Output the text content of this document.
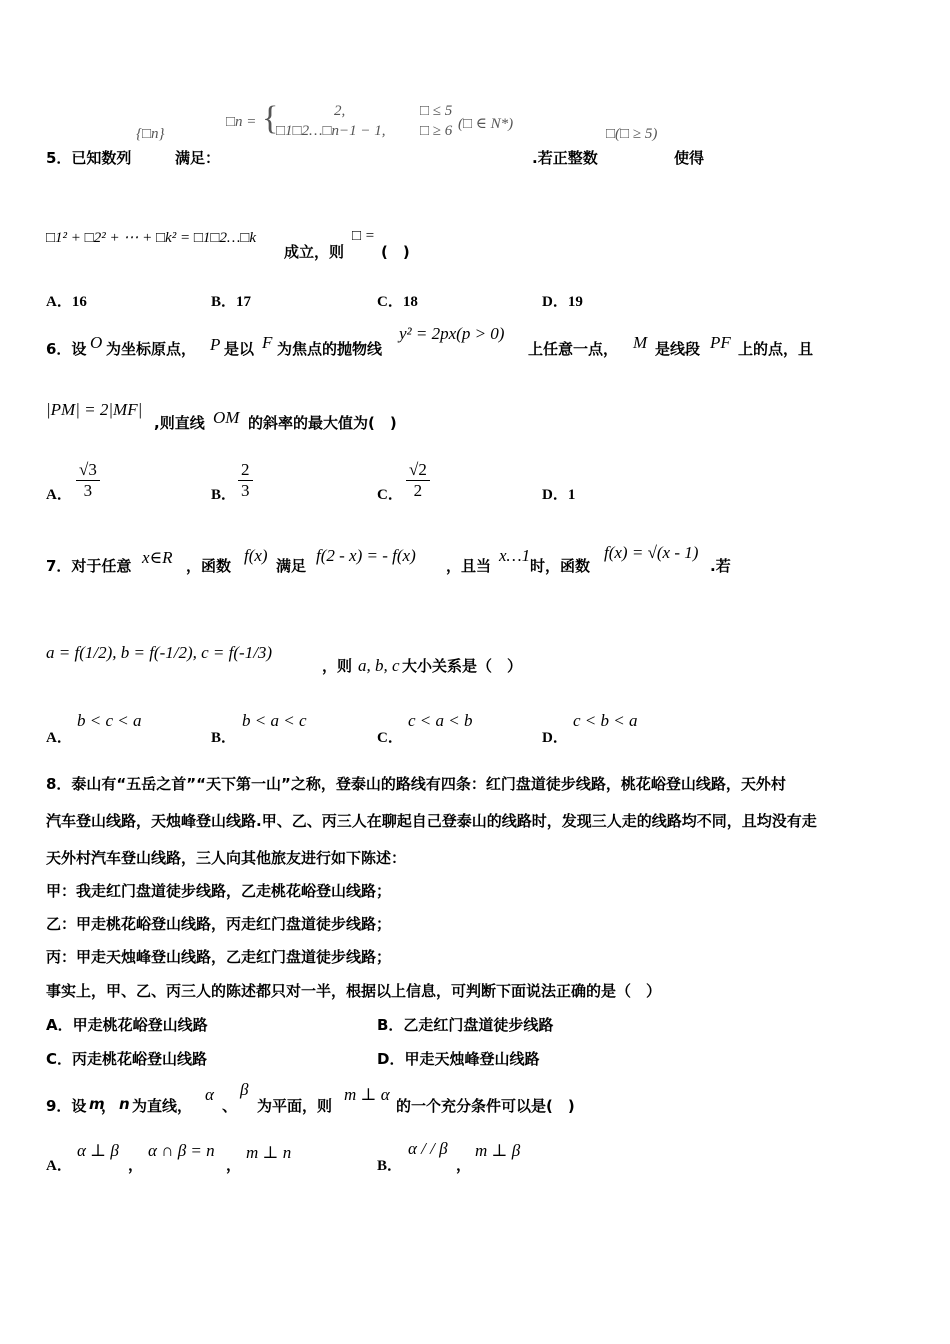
{□n}
□n = {	2,	□ ≤ 5
□1□2…□n−1 − 1, □ ≥ 6 (□ ∈ N*)
□(□ ≥ 5)
5．已知数列	满足：	.若正整数	使得
□1² + □2² + ⋯ + □k² = □1□2…□k
成立，则
□ =
(　)
A．16	B．17	C．18	D．19
6．设 O 为坐标原点， P 是以 F 为焦点的抛物线
y² = 2px(p > 0)
上任意一点， M 是线段 PF 上的点，且
|PM| = 2|MF|
,则直线 OM 的斜率的最大值为(　)
A． $\frac{√3}{3}$	B． $\frac{2}{3}$	C． $\frac{√2}{2}$	D．1
7．对于任意 x∈R ，函数
f(x)
满足
f(2 - x) = - f(x)
，且当
x…1
时，函数
f(x) = √(x - 1)
.若
a = f(1/2), b = f(-1/2), c = f(-1/3)
，则 a, b, c 大小关系是（　）
A．
b < c < a
B．
b < a < c
C．
c < a < b
D．
c < b < a
8．泰山有“五岳之首”“天下第一山”之称，登泰山的路线有四条：红门盘道徒步线路，桃花峪登山线路，天外村
汽车登山线路，天烛峰登山线路.甲、乙、丙三人在聊起自己登泰山的线路时，发现三人走的线路均不同，且均没有走
天外村汽车登山线路，三人向其他旅友进行如下陈述：
甲：我走红门盘道徒步线路，乙走桃花峪登山线路；
乙：甲走桃花峪登山线路，丙走红门盘道徒步线路；
丙：甲走天烛峰登山线路，乙走红门盘道徒步线路；
事实上，甲、乙、丙三人的陈述都只对一半，根据以上信息，可判断下面说法正确的是（　）
A．甲走桃花峪登山线路	B．乙走红门盘道徒步线路
C．丙走桃花峪登山线路	D．甲走天烛峰登山线路
9．设 m
， n 为直线，
α
、
β
为平面，则
m ⊥ α
的一个充分条件可以是(　)
A．
α ⊥ β
，
α ∩ β = n
，
m ⊥ n
B．
α / / β
，
m ⊥ β
